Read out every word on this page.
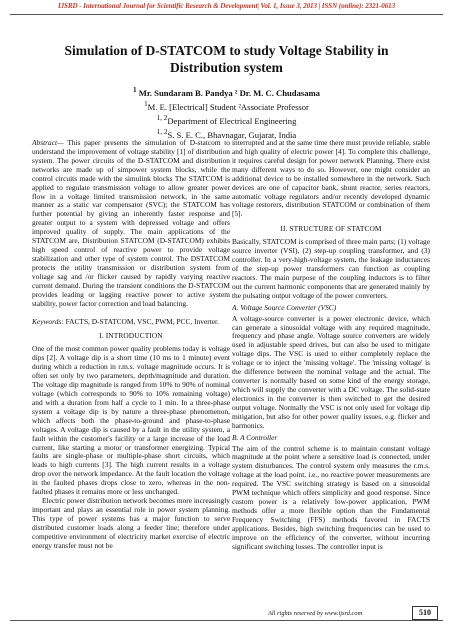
IJSRD - International Journal for Scientific Research & Development| Vol. 1, Issue 3, 2013 | ISSN (online): 2321-0613
Simulation of D-STATCOM to study Voltage Stability in Distribution system
$^1$ Mr. Sundaram B. Pandya ² Dr. M. C. Chudasama
$^1$M. E. [Electrical] Student ²Associate Professor
$^{1, 2}$Department of Electrical Engineering
$^{1, 2}$S. S. E. C., Bhavnagar, Gujarat, India

Abstract— This paper presents the simulation of D-statcom to understand the improvement of voltage stability [1] of distribution system. The power circuits of the D-STATCOM and distribution networks are made up of simpower system blocks, while the control circuits made with the simulink blocks The STATCOM is applied to regulate transmission voltage to allow greater power flow in a voltage limited transmission network, in the same manner as a static var compensator (SVC); the STATCOM has further potential by giving an inherently faster response and greater output to a system with depressed voltage and offers improved quality of supply. The main applications of the STATCOM are, Distribution STATCOM (D-STATCOM) exhibits high speed control of reactive power to provide voltage stabilization and other type of system control. The DSTATCOM protects the utility transmission or distribution system from voltage sag and /or flicker caused by rapidly varying reactive current demand. During the transient conditions the D-STATCOM provides leading or lagging reactive power to active system stability, power factor correction and load balancing.

Keywords: FACTS, D-STATCOM, VSC, PWM, PCC, Inverter.

I. INTRODUCTION

One of the most common power quality problems today is voltage dips [2]. A voltage dip is a short time (10 ms to 1 minute) event during which a reduction in r.m.s. voltage magnitude occurs. It is often set only by two parameters, depth/magnitude and duration. The voltage dip magnitude is ranged from 10% to 90% of nominal voltage (which corresponds to 90% to 10% remaining voltage) and with a duration from half a cycle to 1 min. In a three-phase system a voltage dip is by nature a three-phase phenomenon, which affects both the phase-to-ground and phase-to-phase voltages. A voltage dip is caused by a fault in the utility system, a fault within the customer's facility or a large increase of the load current, like starting a motor or transformer energizing. Typical faults are single-phase or multiple-phase short circuits, which leads to high currents [3]. The high current results in a voltage drop over the network impedance. At the fault location the voltage in the faulted phases drops close to zero, whereas in the non-faulted phases it remains more or less unchanged.

Electric power distribution network becomes more increasingly important and plays an essential role in power system planning. This type of power systems has a major function to serve distributed customer loads along a feeder line; therefore under competitive environment of electricity market exercise of electric energy transfer must not be

interrupted and at the same time there must provide reliable, stable and high quality of electric power [4]. To complete this challenge, it requires careful design for power network Planning. There exist many different ways to do so. However, one might consider an additional device to be installed somewhere in the network. Such devices are one of capacitor bank, shunt reactor, series reactors, automatic voltage regulators and/or recently developed dynamic voltage restorers, distribution STATCOM or combination of them [5].

II. STRUCTURE OF STATCOM

Basically, STATCOM is comprised of three main parts; (1) voltage source inverter (VSI), (2) step-up coupling transformer, and (3) controller. In a very-high-voltage system, the leakage inductances of the step-up power transformers can function as coupling reactors. The main purpose of the coupling inductors is to filter out the current harmonic components that are generated mainly by the pulsating output voltage of the power converters.

A. Voltage Source Converter (VSC)

A voltage-source converter is a power electronic device, which can generate a sinusoidal voltage with any required magnitude, frequency and phase angle. Voltage source converters are widely used in adjustable speed drives, but can also be used to mitigate voltage dips. The VSC is used to either completely replace the voltage or to inject the 'missing voltage'. The 'missing voltage' is the difference between the nominal voltage and the actual. The converter is normally based on some kind of the energy storage, which will supply the converter with a DC voltage. The solid-state electronics in the converter is then switched to get the desired output voltage. Normally the VSC is not only used for voltage dip mitigation, but also for other power quality issues, e.g. flicker and harmonics.

B. A Controller

The aim of the control scheme is to maintain constant voltage magnitude at the point where a sensitive load is connected, under system disturbances. The control system only measures the r.m.s. voltage at the load point, i.e., no reactive power measurements are required. The VSC switching strategy is based on a sinusoidal PWM technique which offers simplicity and good response. Since custom power is a relatively low-power application, PWM methods offer a more flexible option than the Fundamental Frequency Switching (FFS) methods favored in FACTS applications. Besides, high switching frequencies can be used to improve on the efficiency of the converter, without incurring significant switching losses. The controller input is

All rights reserved by www.ijsrd.com	510
